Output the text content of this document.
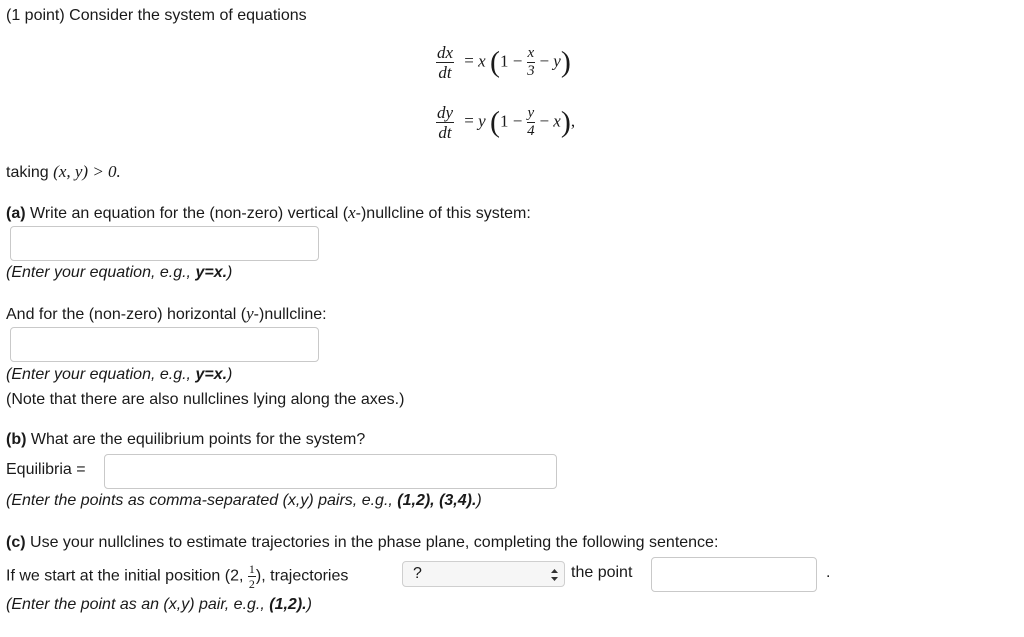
(1 point) Consider the system of equations
$\frac{dx}{dt} = x$ $(1 - \frac{x}{3} - y)$
$\frac{dy}{dt} = y$ $(1 - \frac{y}{4} - x)$,
taking (x, y) > 0.
(a) Write an equation for the (non-zero) vertical (x-)nullcline of this system:
(Enter your equation, e.g., y=x.)
And for the (non-zero) horizontal (y-)nullcline:
(Enter your equation, e.g., y=x.)
(Note that there are also nullclines lying along the axes.)
(b) What are the equilibrium points for the system?
Equilibria =
(Enter the points as comma-separated (x,y) pairs, e.g., (1,2), (3,4).)
(c) Use your nullclines to estimate trajectories in the phase plane, completing the following sentence:
If we start at the initial position (2, $\frac{1}{2}$ ), trajectories	?	the point	.
(Enter the point as an (x,y) pair, e.g., (1,2).)
